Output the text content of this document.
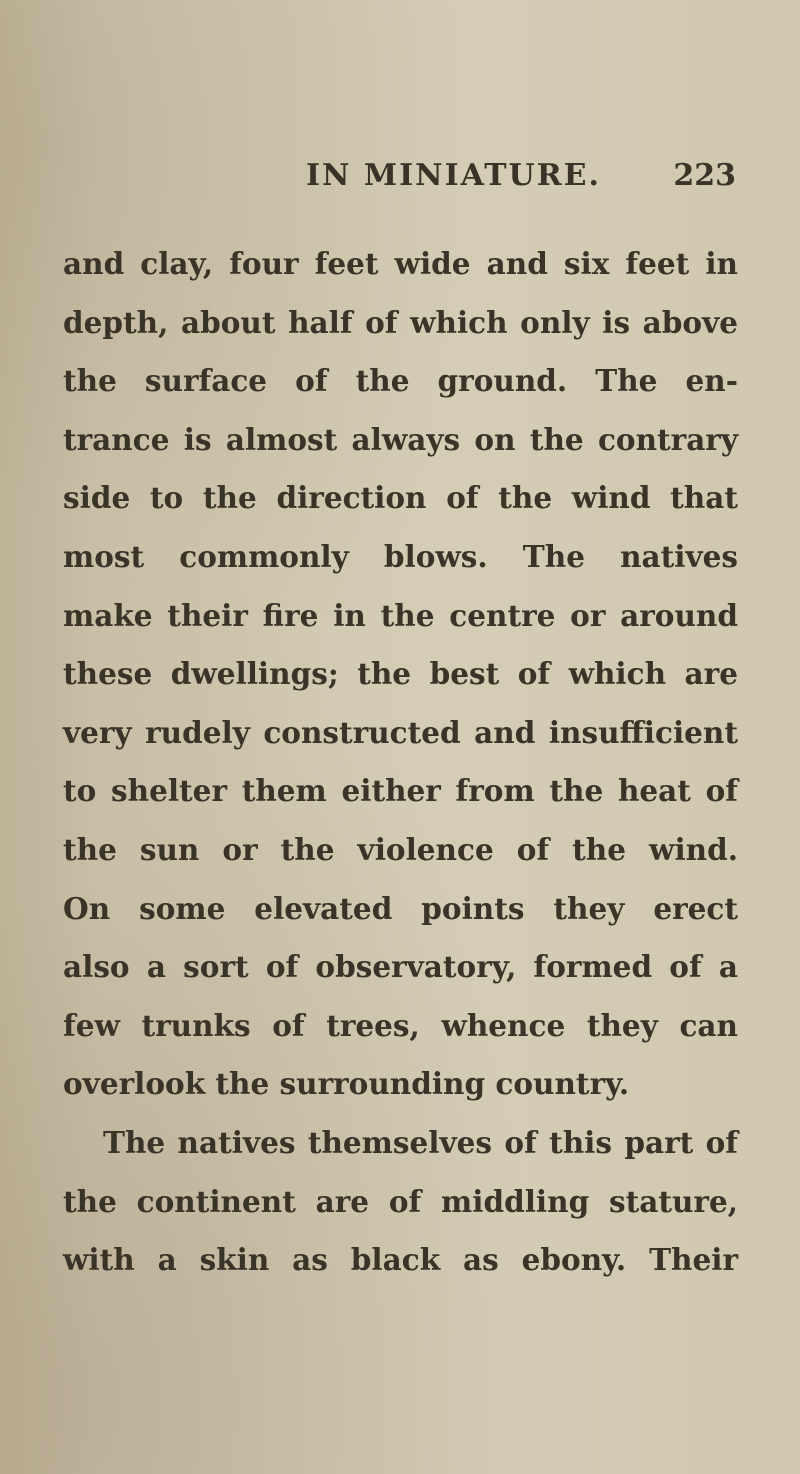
IN MINIATURE. 223
and clay, four feet wide and six feet in
depth, about half of which only is above
the surface of the ground. The en-
trance is almost always on the contrary
side to the direction of the wind that
most commonly blows. The natives
make their fire in the centre or around
these dwellings; the best of which are
very rudely constructed and insufficient
to shelter them either from the heat of
the sun or the violence of the wind.
On some elevated points they erect
also a sort of observatory, formed of a
few trunks of trees, whence they can
overlook the surrounding country.
The natives themselves of this part of
the continent are of middling stature,
with a skin as black as ebony. Their
